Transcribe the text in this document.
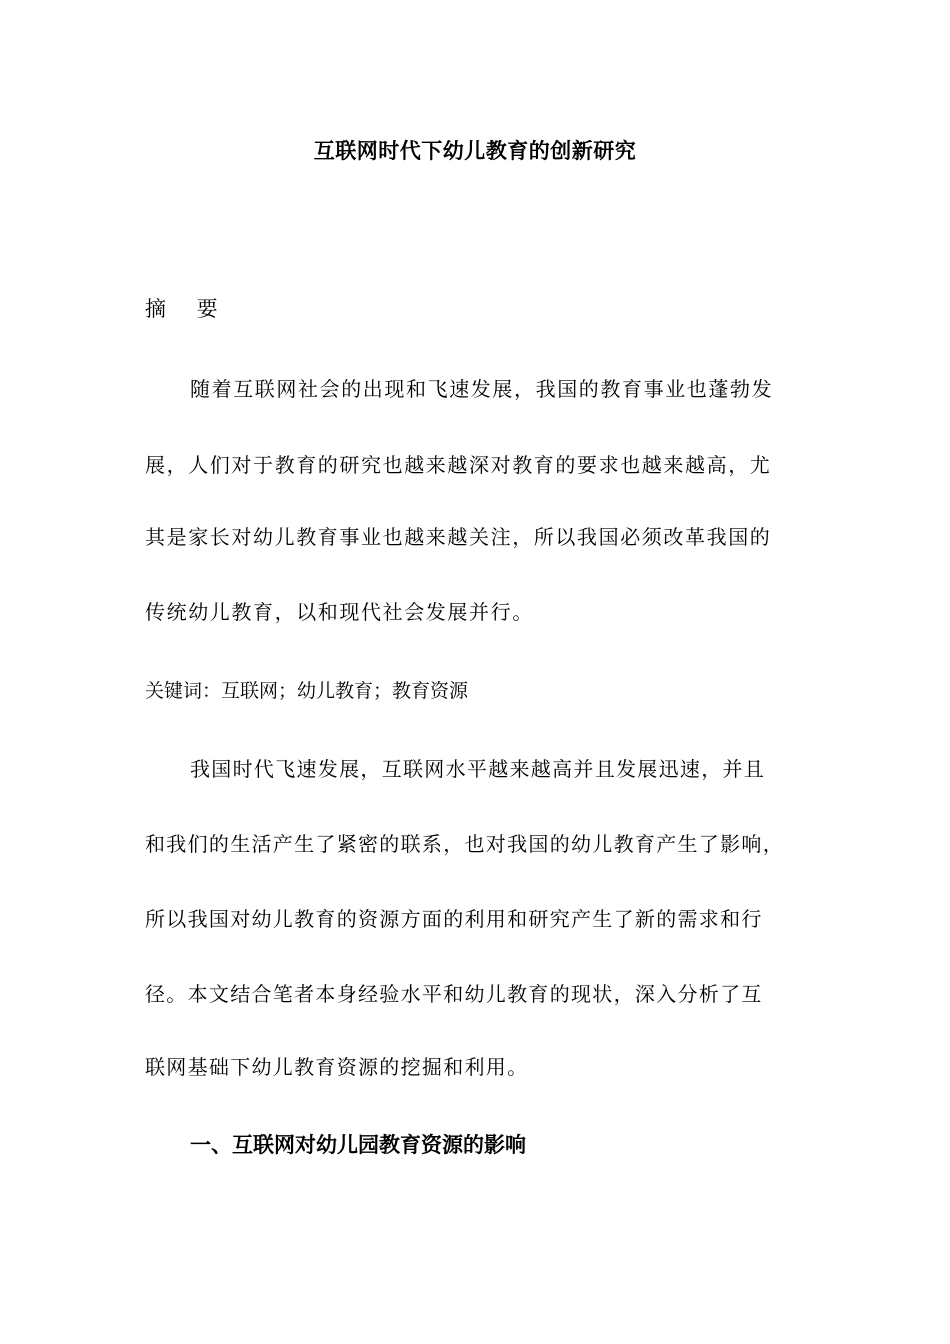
互联网时代下幼儿教育的创新研究
摘 要
随着互联网社会的出现和飞速发展，我国的教育事业也蓬勃发
展，人们对于教育的研究也越来越深对教育的要求也越来越高，尤
其是家长对幼儿教育事业也越来越关注，所以我国必须改革我国的
传统幼儿教育，以和现代社会发展并行。
关键词：互联网；幼儿教育；教育资源
我国时代飞速发展，互联网水平越来越高并且发展迅速，并且
和我们的生活产生了紧密的联系，也对我国的幼儿教育产生了影响，
所以我国对幼儿教育的资源方面的利用和研究产生了新的需求和行
径。本文结合笔者本身经验水平和幼儿教育的现状，深入分析了互
联网基础下幼儿教育资源的挖掘和利用。
一、互联网对幼儿园教育资源的影响
